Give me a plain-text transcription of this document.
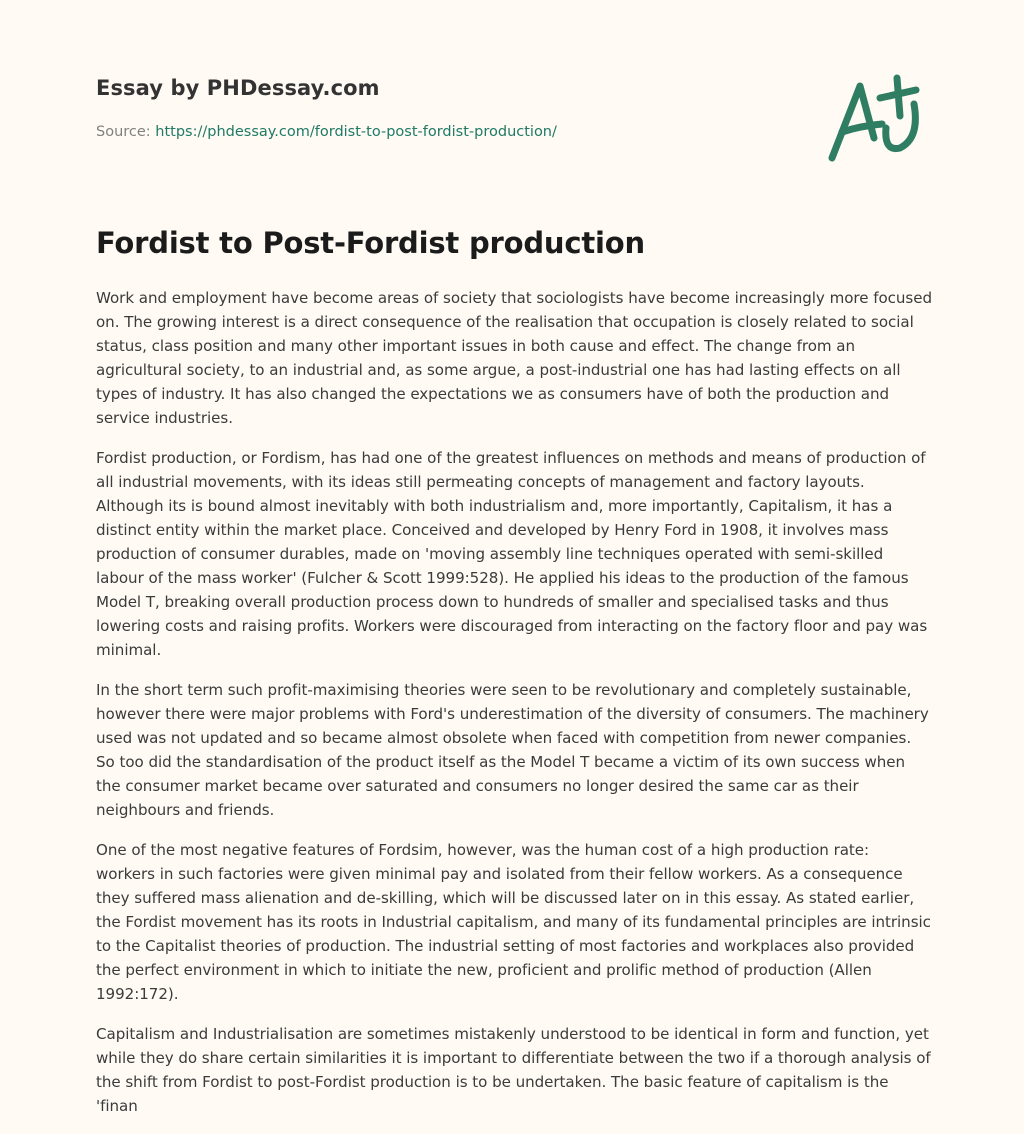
Essay by PHDessay.com
Source: https://phdessay.com/fordist-to-post-fordist-production/
Fordist to Post-Fordist production

Work and employment have become areas of society that sociologists have become increasingly more focused on. The growing interest is a direct consequence of the realisation that occupation is closely related to social status, class position and many other important issues in both cause and effect. The change from an agricultural society, to an industrial and, as some argue, a post-industrial one has had lasting effects on all types of industry. It has also changed the expectations we as consumers have of both the production and service industries.

Fordist production, or Fordism, has had one of the greatest influences on methods and means of production of all industrial movements, with its ideas still permeating concepts of management and factory layouts. Although its is bound almost inevitably with both industrialism and, more importantly, Capitalism, it has a distinct entity within the market place. Conceived and developed by Henry Ford in 1908, it involves mass production of consumer durables, made on 'moving assembly line techniques operated with semi-skilled labour of the mass worker' (Fulcher & Scott 1999:528). He applied his ideas to the production of the famous Model T, breaking overall production process down to hundreds of smaller and specialised tasks and thus lowering costs and raising profits. Workers were discouraged from interacting on the factory floor and pay was minimal.

In the short term such profit-maximising theories were seen to be revolutionary and completely sustainable, however there were major problems with Ford's underestimation of the diversity of consumers. The machinery used was not updated and so became almost obsolete when faced with competition from newer companies. So too did the standardisation of the product itself as the Model T became a victim of its own success when the consumer market became over saturated and consumers no longer desired the same car as their neighbours and friends.

One of the most negative features of Fordsim, however, was the human cost of a high production rate: workers in such factories were given minimal pay and isolated from their fellow workers. As a consequence they suffered mass alienation and de-skilling, which will be discussed later on in this essay. As stated earlier, the Fordist movement has its roots in Industrial capitalism, and many of its fundamental principles are intrinsic to the Capitalist theories of production. The industrial setting of most factories and workplaces also provided the perfect environment in which to initiate the new, proficient and prolific method of production (Allen 1992:172).

Capitalism and Industrialisation are sometimes mistakenly understood to be identical in form and function, yet while they do share certain similarities it is important to differentiate between the two if a thorough analysis of the shift from Fordist to post-Fordist production is to be undertaken. The basic feature of capitalism is the 'finan
